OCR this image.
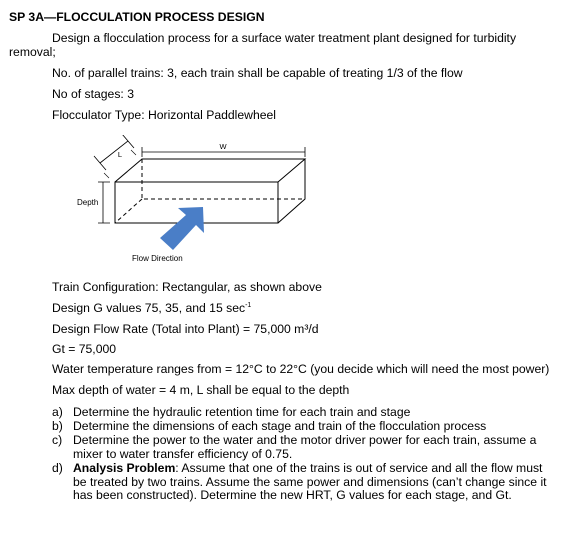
SP 3A—FLOCCULATION PROCESS DESIGN
Design a flocculation process for a surface water treatment plant designed for turbidity
removal;
No. of parallel trains: 3, each train shall be capable of treating 1/3 of the flow
No of stages: 3
Flocculator Type: Horizontal Paddlewheel
W
L
Depth
Flow Direction
Train Configuration: Rectangular, as shown above
Design G values 75, 35, and 15 $\sec^{-1}$
Design Flow Rate (Total into Plant) = 75,000 m³/d
Gt = 75,000
Water temperature ranges from = 12°C to 22°C (you decide which will need the most power)
Max depth of water = 4 m, L shall be equal to the depth
a) Determine the hydraulic retention time for each train and stage
b) Determine the dimensions of each stage and train of the flocculation process
c) Determine the power to the water and the motor driver power for each train, assume a mixer to water transfer efficiency of 0.75.
d) Analysis Problem: Assume that one of the trains is out of service and all the flow must be treated by two trains. Assume the same power and dimensions (can’t change since it has been constructed). Determine the new HRT, G values for each stage, and Gt.
